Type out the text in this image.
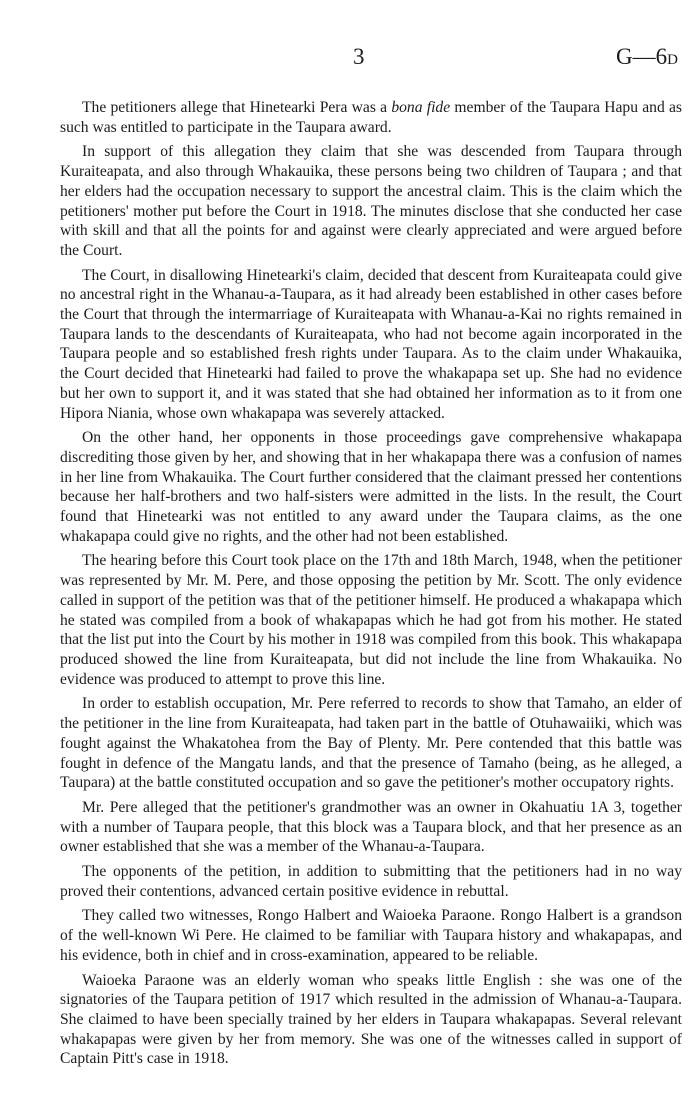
3	G—6D

The petitioners allege that Hinetearki Pera was a bona fide member of the Taupara Hapu and as such was entitled to participate in the Taupara award.

In support of this allegation they claim that she was descended from Taupara through Kuraiteapata, and also through Whakauika, these persons being two children of Taupara ; and that her elders had the occupation necessary to support the ancestral claim. This is the claim which the petitioners' mother put before the Court in 1918. The minutes disclose that she conducted her case with skill and that all the points for and against were clearly appreciated and were argued before the Court.

The Court, in disallowing Hinetearki's claim, decided that descent from Kuraiteapata could give no ancestral right in the Whanau-a-Taupara, as it had already been established in other cases before the Court that through the intermarriage of Kuraiteapata with Whanau-a-Kai no rights remained in Taupara lands to the descendants of Kuraiteapata, who had not become again incorporated in the Taupara people and so established fresh rights under Taupara. As to the claim under Whakauika, the Court decided that Hinetearki had failed to prove the whakapapa set up. She had no evidence but her own to support it, and it was stated that she had obtained her information as to it from one Hipora Niania, whose own whakapapa was severely attacked.

On the other hand, her opponents in those proceedings gave comprehensive whakapapa discrediting those given by her, and showing that in her whakapapa there was a confusion of names in her line from Whakauika. The Court further considered that the claimant pressed her contentions because her half-brothers and two half-sisters were admitted in the lists. In the result, the Court found that Hinetearki was not entitled to any award under the Taupara claims, as the one whakapapa could give no rights, and the other had not been established.

The hearing before this Court took place on the 17th and 18th March, 1948, when the petitioner was represented by Mr. M. Pere, and those opposing the petition by Mr. Scott. The only evidence called in support of the petition was that of the petitioner himself. He produced a whakapapa which he stated was compiled from a book of whakapapas which he had got from his mother. He stated that the list put into the Court by his mother in 1918 was compiled from this book. This whakapapa produced showed the line from Kuraiteapata, but did not include the line from Whakauika. No evidence was produced to attempt to prove this line.

In order to establish occupation, Mr. Pere referred to records to show that Tamaho, an elder of the petitioner in the line from Kuraiteapata, had taken part in the battle of Otuhawaiiki, which was fought against the Whakatohea from the Bay of Plenty. Mr. Pere contended that this battle was fought in defence of the Mangatu lands, and that the presence of Tamaho (being, as he alleged, a Taupara) at the battle constituted occupation and so gave the petitioner's mother occupatory rights.

Mr. Pere alleged that the petitioner's grandmother was an owner in Okahuatiu 1A 3, together with a number of Taupara people, that this block was a Taupara block, and that her presence as an owner established that she was a member of the Whanau-a-Taupara.

The opponents of the petition, in addition to submitting that the petitioners had in no way proved their contentions, advanced certain positive evidence in rebuttal.

They called two witnesses, Rongo Halbert and Waioeka Paraone. Rongo Halbert is a grandson of the well-known Wi Pere. He claimed to be familiar with Taupara history and whakapapas, and his evidence, both in chief and in cross-examination, appeared to be reliable.

Waioeka Paraone was an elderly woman who speaks little English : she was one of the signatories of the Taupara petition of 1917 which resulted in the admission of Whanau-a-Taupara. She claimed to have been specially trained by her elders in Taupara whakapapas. Several relevant whakapapas were given by her from memory. She was one of the witnesses called in support of Captain Pitt's case in 1918.
